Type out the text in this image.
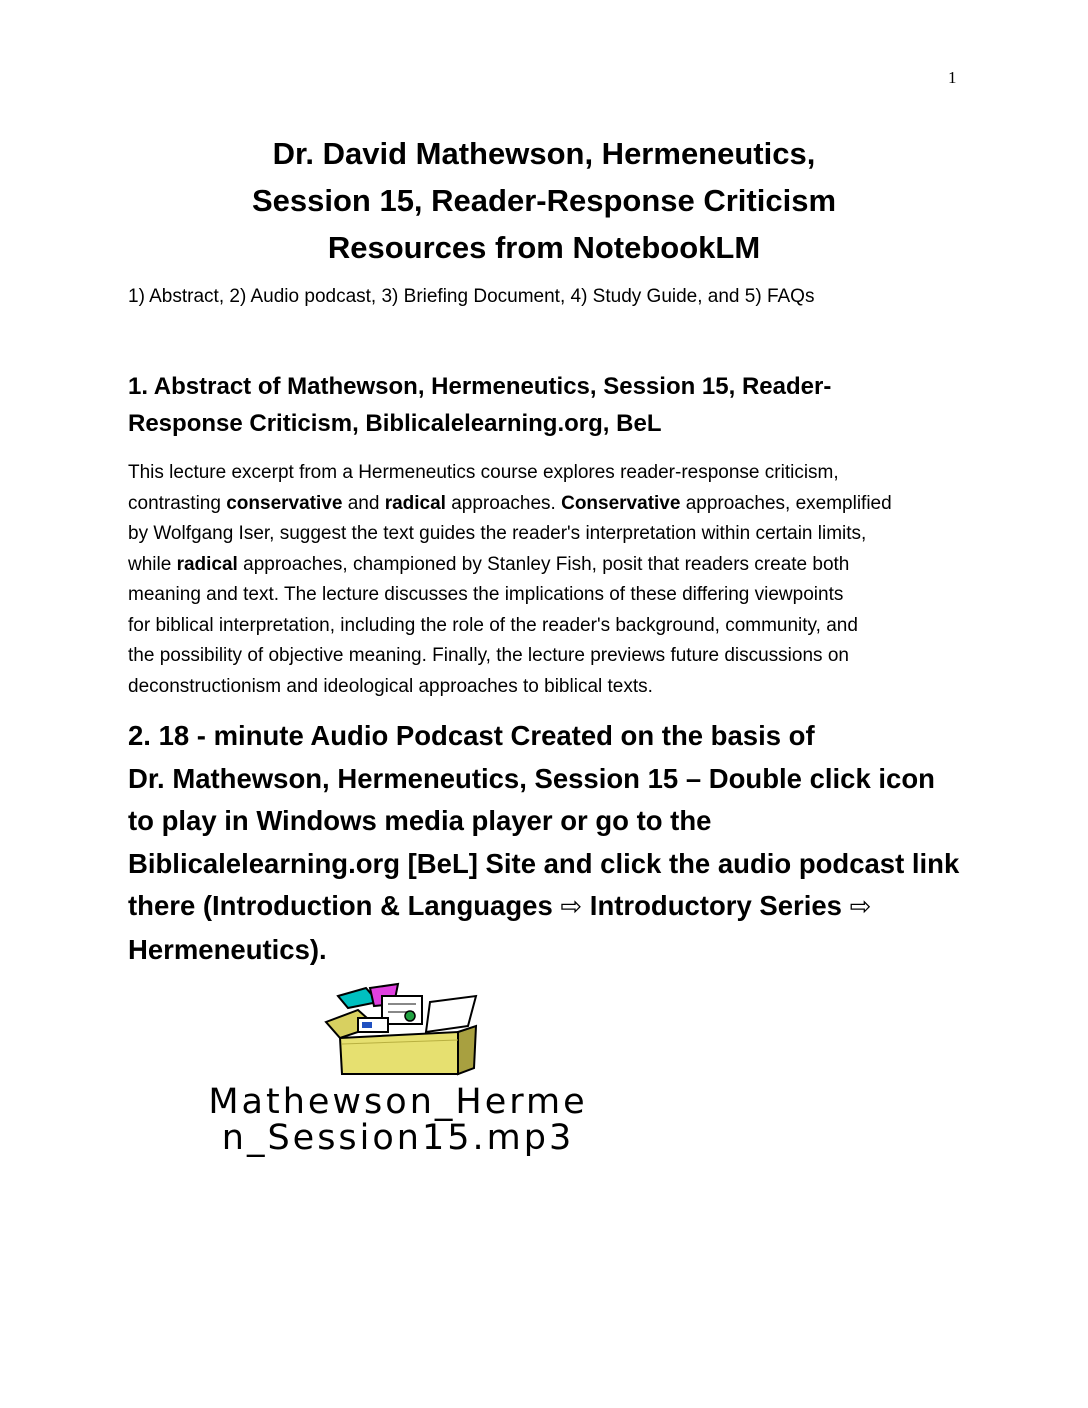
1
Dr. David Mathewson, Hermeneutics,
Session 15, Reader-Response Criticism
Resources from NotebookLM
1) Abstract, 2) Audio podcast, 3) Briefing Document, 4) Study Guide, and 5) FAQs
1. Abstract of Mathewson, Hermeneutics, Session 15, Reader-
Response Criticism, Biblicalelearning.org, BeL
This lecture excerpt from a Hermeneutics course explores reader-response criticism,
contrasting conservative and radical approaches. Conservative approaches, exemplified
by Wolfgang Iser, suggest the text guides the reader's interpretation within certain limits,
while radical approaches, championed by Stanley Fish, posit that readers create both
meaning and text. The lecture discusses the implications of these differing viewpoints
for biblical interpretation, including the role of the reader's background, community, and
the possibility of objective meaning. Finally, the lecture previews future discussions on
deconstructionism and ideological approaches to biblical texts.
2. 18 - minute Audio Podcast Created on the basis of
Dr. Mathewson, Hermeneutics, Session 15 – Double click icon
to play in Windows media player or go to the
Biblicalelearning.org [BeL] Site and click the audio podcast link
there (Introduction & Languages ⇨ Introductory Series ⇨
Hermeneutics).
Mathewson_Herme
n_Session15.mp3
